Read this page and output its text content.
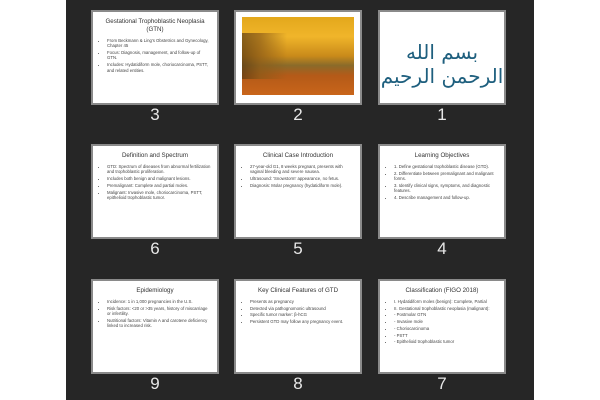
بسم الله الرحمن الرحيم
1
2
Gestational Trophoblastic Neoplasia (GTN)
• From Beckmann & Ling's Obstetrics and Gynecology, Chapter 45
• Focus: Diagnosis, management, and follow-up of GTN.
• Includes: Hydatidiform mole, choriocarcinoma, PSTT, and related entities.
3
Learning Objectives
• 1. Define gestational trophoblastic disease (GTD).
• 2. Differentiate between premalignant and malignant forms.
• 3. Identify clinical signs, symptoms, and diagnostic features.
• 4. Describe management and follow-up.
4
Clinical Case Introduction
• 27-year-old G1, 8 weeks pregnant, presents with vaginal bleeding and severe nausea.
• Ultrasound: 'Snowstorm' appearance, no fetus.
• Diagnosis: Molar pregnancy (hydatidiform mole).
5
Definition and Spectrum
• GTD: Spectrum of diseases from abnormal fertilization and trophoblastic proliferation.
• Includes both benign and malignant lesions.
• Premalignant: Complete and partial moles.
• Malignant: Invasive mole, choriocarcinoma, PSTT, epithelioid trophoblastic tumor.
6
Classification (FIGO 2018)
• I. Hydatidiform moles (benign): Complete, Partial
• II. Gestational trophoblastic neoplasia (malignant):
• - Postmolar GTN
• - Invasive mole
• - Choriocarcinoma
• - PSTT
• - Epithelioid trophoblastic tumor
7
Key Clinical Features of GTD
• Presents as pregnancy
• Detected via pathognomonic ultrasound
• Specific tumor marker: β-hCG
• Persistent GTD may follow any pregnancy event.
8
Epidemiology
• Incidence: 1 in 1,000 pregnancies in the U.S.
• Risk factors: <20 or >35 years, history of miscarriage or infertility.
• Nutritional factors: Vitamin A and carotene deficiency linked to increased risk.
9
